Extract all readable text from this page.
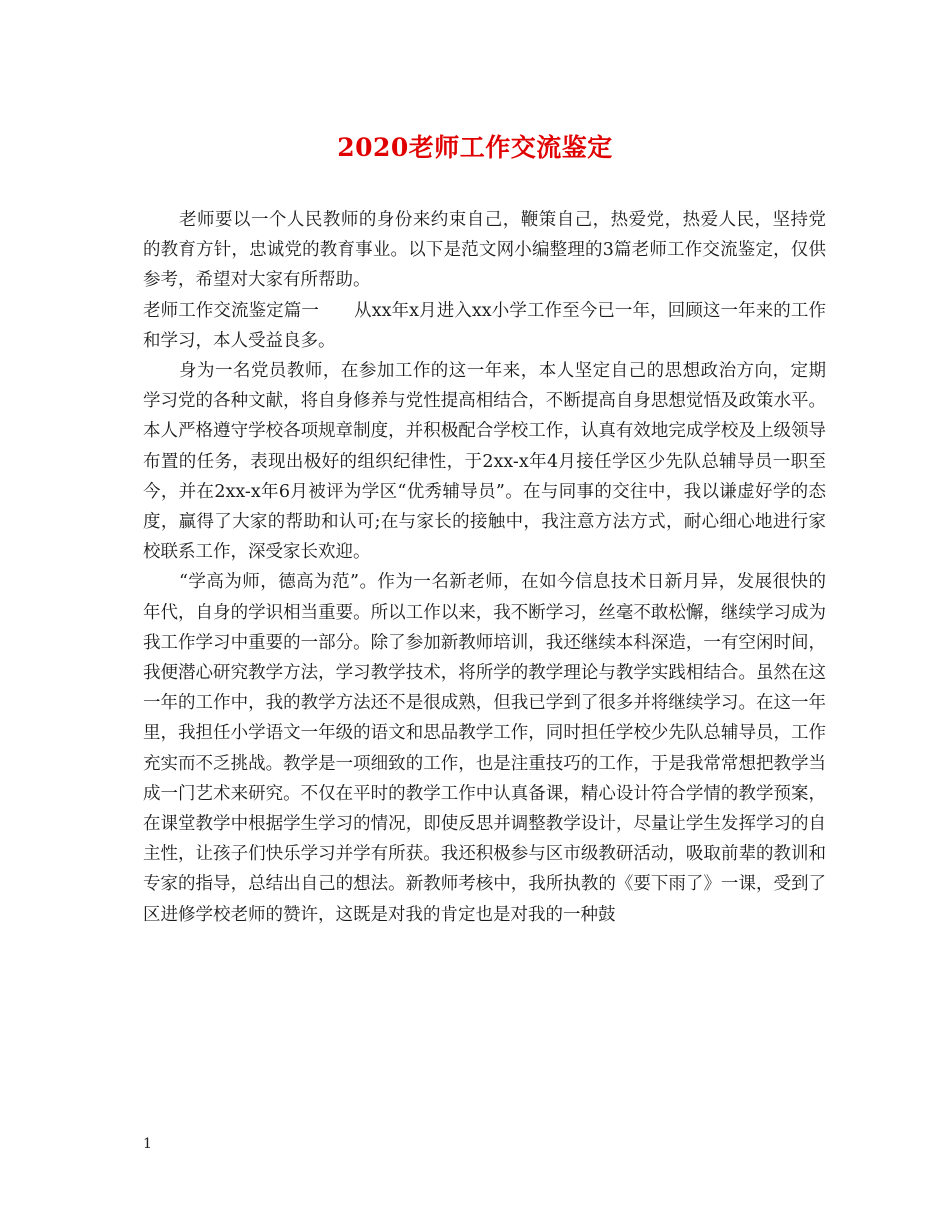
2020老师工作交流鉴定

老师要以一个人民教师的身份来约束自己，鞭策自己，热爱党，热爱人民，坚持党的教育方针，忠诚党的教育事业。以下是范文网小编整理的3篇老师工作交流鉴定，仅供参考，希望对大家有所帮助。

老师工作交流鉴定篇一　　从xx年x月进入xx小学工作至今已一年，回顾这一年来的工作和学习，本人受益良多。

身为一名党员教师，在参加工作的这一年来，本人坚定自己的思想政治方向，定期学习党的各种文献，将自身修养与党性提高相结合，不断提高自身思想觉悟及政策水平。本人严格遵守学校各项规章制度，并积极配合学校工作，认真有效地完成学校及上级领导布置的任务，表现出极好的组织纪律性，于2xx-x年4月接任学区少先队总辅导员一职至今，并在2xx-x年6月被评为学区“优秀辅导员”。在与同事的交往中，我以谦虚好学的态度，赢得了大家的帮助和认可;在与家长的接触中，我注意方法方式，耐心细心地进行家校联系工作，深受家长欢迎。

“学高为师，德高为范”。作为一名新老师，在如今信息技术日新月异，发展很快的年代，自身的学识相当重要。所以工作以来，我不断学习，丝毫不敢松懈，继续学习成为我工作学习中重要的一部分。除了参加新教师培训，我还继续本科深造，一有空闲时间，我便潜心研究教学方法，学习教学技术，将所学的教学理论与教学实践相结合。虽然在这一年的工作中，我的教学方法还不是很成熟，但我已学到了很多并将继续学习。在这一年里，我担任小学语文一年级的语文和思品教学工作，同时担任学校少先队总辅导员，工作充实而不乏挑战。教学是一项细致的工作，也是注重技巧的工作，于是我常常想把教学当成一门艺术来研究。不仅在平时的教学工作中认真备课，精心设计符合学情的教学预案，在课堂教学中根据学生学习的情况，即使反思并调整教学设计，尽量让学生发挥学习的自主性，让孩子们快乐学习并学有所获。我还积极参与区市级教研活动，吸取前辈的教训和专家的指导，总结出自己的想法。新教师考核中，我所执教的《要下雨了》一课，受到了区进修学校老师的赞许，这既是对我的肯定也是对我的一种鼓

1
